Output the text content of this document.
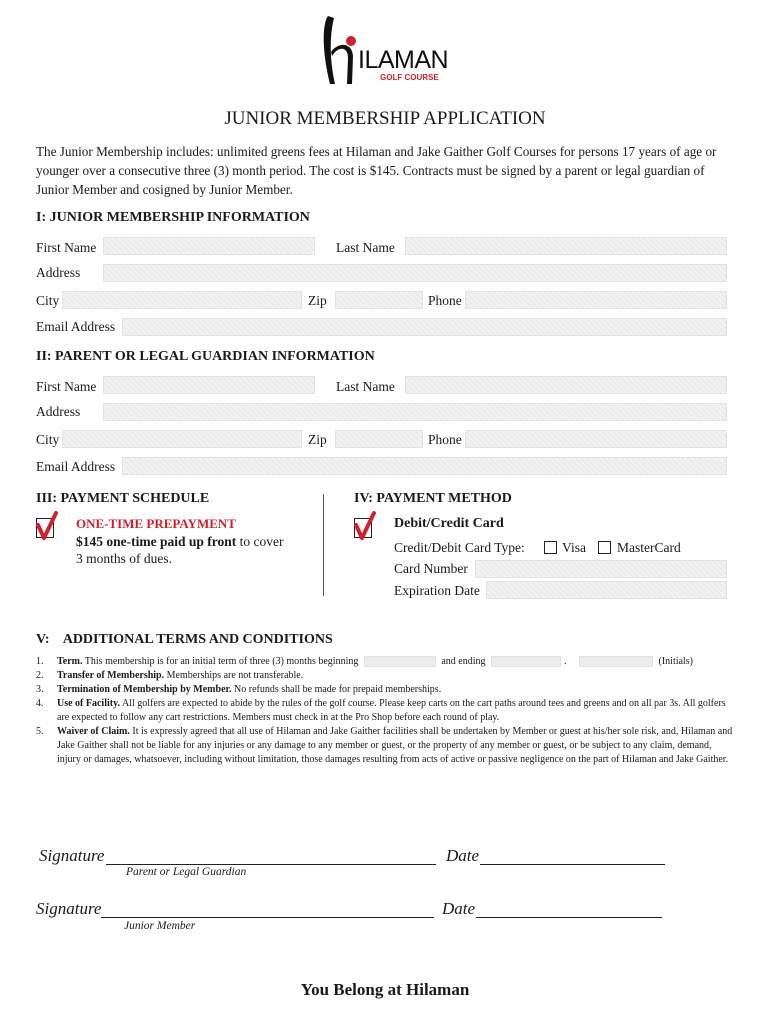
ILAMAN
GOLF COURSE
JUNIOR MEMBERSHIP APPLICATION
The Junior Membership includes: unlimited greens fees at Hilaman and Jake Gaither Golf Courses for persons 17 years of age or younger over a consecutive three (3) month period. The cost is $145. Contracts must be signed by a parent or legal guardian of Junior Member and cosigned by Junior Member.
I: JUNIOR MEMBERSHIP INFORMATION
First Name	Last Name
Address
City	Zip	Phone
Email Address
II: PARENT OR LEGAL GUARDIAN INFORMATION
First Name	Last Name
Address
City	Zip	Phone
Email Address
III: PAYMENT SCHEDULE
ONE-TIME PREPAYMENT
$145 one-time paid up front to cover
3 months of dues.
IV: PAYMENT METHOD
Debit/Credit Card
Credit/Debit Card Type:	Visa MasterCard
Card Number
Expiration Date
V:    ADDITIONAL TERMS AND CONDITIONS
1.	Term. This membership is for an initial term of three (3) months beginning	and ending	.	(Initials)
2.	Transfer of Membership. Memberships are not transferable.
3.	Termination of Membership by Member. No refunds shall be made for prepaid memberships.
4.	Use of Facility. All golfers are expected to abide by the rules of the golf course. Please keep carts on the cart paths around tees and greens and on all par 3s. All golfers are expected to follow any cart restrictions. Members must check in at the Pro Shop before each round of play.
5.	Waiver of Claim. It is expressly agreed that all use of Hilaman and Jake Gaither facilities shall be undertaken by Member or guest at his/her sole risk, and, Hilaman and Jake Gaither shall not be liable for any injuries or any damage to any member or guest, or the property of any member or guest, or be subject to any claim, demand, injury or damages, whatsoever, including without limitation, those damages resulting from acts of active or passive negligence on the part of Hilaman and Jake Gaither.
Signature	Date
Parent or Legal Guardian
Signature	Date
Junior Member
You Belong at Hilaman
